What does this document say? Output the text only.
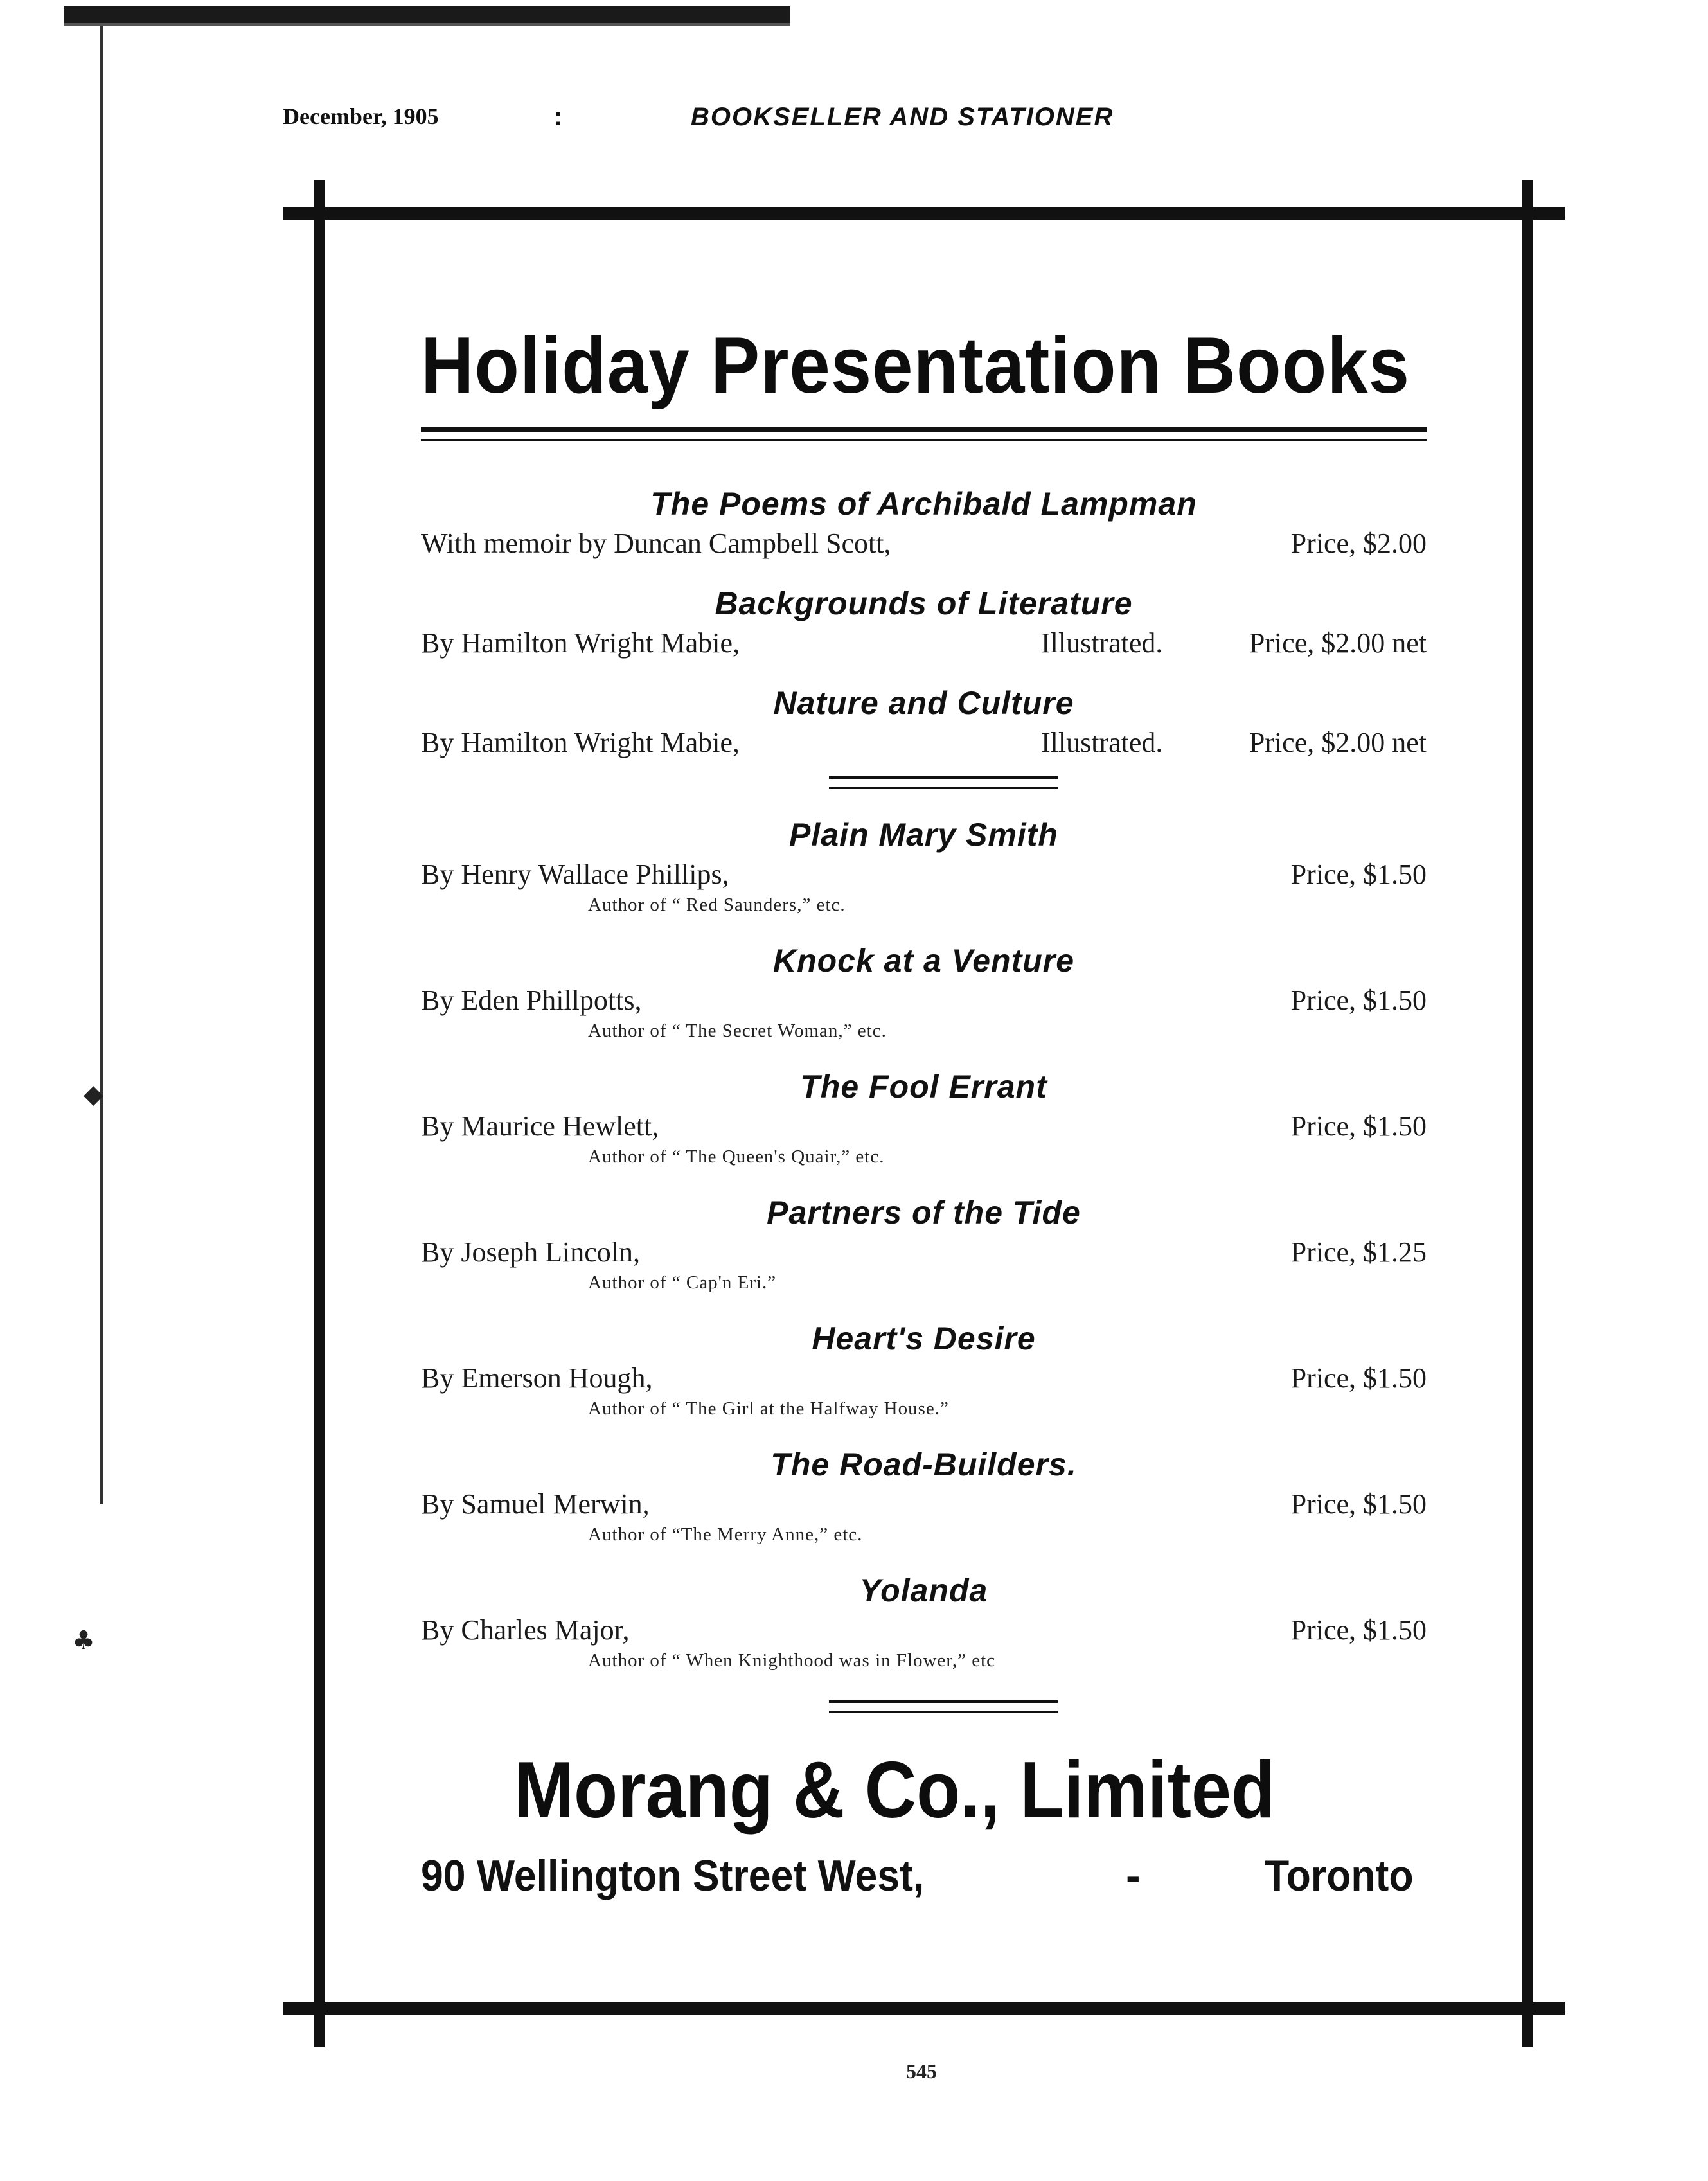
◆
♣
December, 1905	:	BOOKSELLER AND STATIONER
Holiday Presentation Books
The Poems of Archibald Lampman
With memoir by Duncan Campbell Scott,	Price, $2.00
Backgrounds of Literature
By Hamilton Wright Mabie,	Illustrated.	Price, $2.00 net
Nature and Culture
By Hamilton Wright Mabie,	Illustrated.	Price, $2.00 net
Plain Mary Smith
By Henry Wallace Phillips,	Price, $1.50
Author of “ Red Saunders,” etc.
Knock at a Venture
By Eden Phillpotts,	Price, $1.50
Author of “ The Secret Woman,” etc.
The Fool Errant
By Maurice Hewlett,	Price, $1.50
Author of “ The Queen's Quair,” etc.
Partners of the Tide
By Joseph Lincoln,	Price, $1.25
Author of “ Cap'n Eri.”
Heart's Desire
By Emerson Hough,	Price, $1.50
Author of “ The Girl at the Halfway House.”
The Road-Builders.
By Samuel Merwin,	Price, $1.50
Author of “The Merry Anne,” etc.
Yolanda
By Charles Major,	Price, $1.50
Author of “ When Knighthood was in Flower,” etc
Morang & Co., Limited
90 Wellington Street West,	-	Toronto
545
